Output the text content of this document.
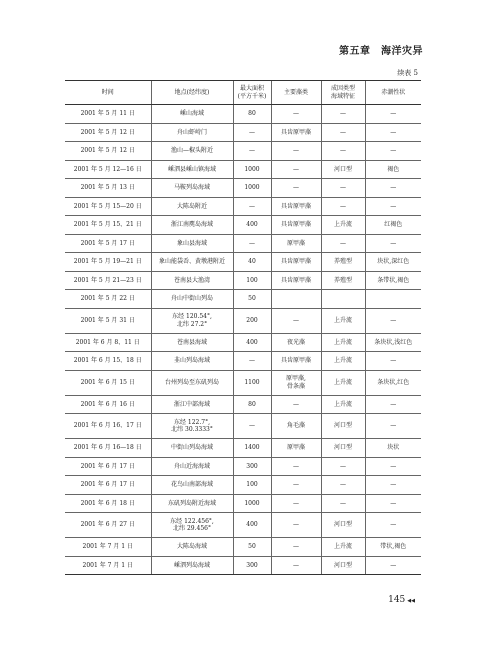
第五章　海洋灾异
续表 5
时间	地点(经纬度)	最大面积
(平方千米)	主要藻类	成因类型
海域特征	赤潮性状
2001 年 5 月 11 日	嵊山海域	80	—	—	—
2001 年 5 月 12 日	舟山虾峙门	—	具齿原甲藻	—	—
2001 年 5 月 12 日	渔山—椒头附近	—	—	—	—
2001 年 5 月 12—16 日	嵊泗县嵊山镇海域	1000	—	河口型	褐色
2001 年 5 月 13 日	马鞍列岛海域	1000	—	—	—
2001 年 5 月 15—20 日	大陈岛附近	—	具齿原甲藻	—	—
2001 年 5 月 15、21 日	浙江南麂岛海域	400	具齿原甲藻	上升流	红褐色
2001 年 5 月 17 日	象山县海域	—	原甲藻	—	—
2001 年 5 月 19—21 日	象山能袋岙、黄墩港附近	40	具齿原甲藻	养殖型	块状,深红色
2001 年 5 月 21—23 日	苍南县大渔湾	100	具齿原甲藻	养殖型	条带状,褐色
2001 年 5 月 22 日	舟山中街山列岛	50			
2001 年 5 月 31 日	东经 120.54°,
北纬 27.2°	200	—	上升流	—
2001 年 6 月 8、11 日	苍南县海域	400	夜光藻	上升流	条块状,浅红色
2001 年 6 月 15、18 日	韭山列岛海域	—	具齿原甲藻	上升流	—
2001 年 6 月 15 日	台州列岛至东矶列岛	1100	原甲藻,
骨条藻	上升流	条块状,红色
2001 年 6 月 16 日	浙江中部海域	80	—	上升流	—
2001 年 6 月 16、17 日	东经 122.7°,
北纬 30.3333°	—	角毛藻	河口型	—
2001 年 6 月 16—18 日	中街山列岛海域	1400	原甲藻	河口型	块状
2001 年 6 月 17 日	舟山近海海域	300	—	—	—
2001 年 6 月 17 日	花鸟山南部海域	100	—	—	—
2001 年 6 月 18 日	东矶列岛附近海域	1000	—	—	—
2001 年 6 月 27 日	东经 122.456°,
北纬 29.456°	400	—	河口型	—
2001 年 7 月 1 日	大陈岛海域	50	—	上升流	带状,褐色
2001 年 7 月 1 日	嵊泗列岛海域	300	—	河口型	—
145 ◀◀
